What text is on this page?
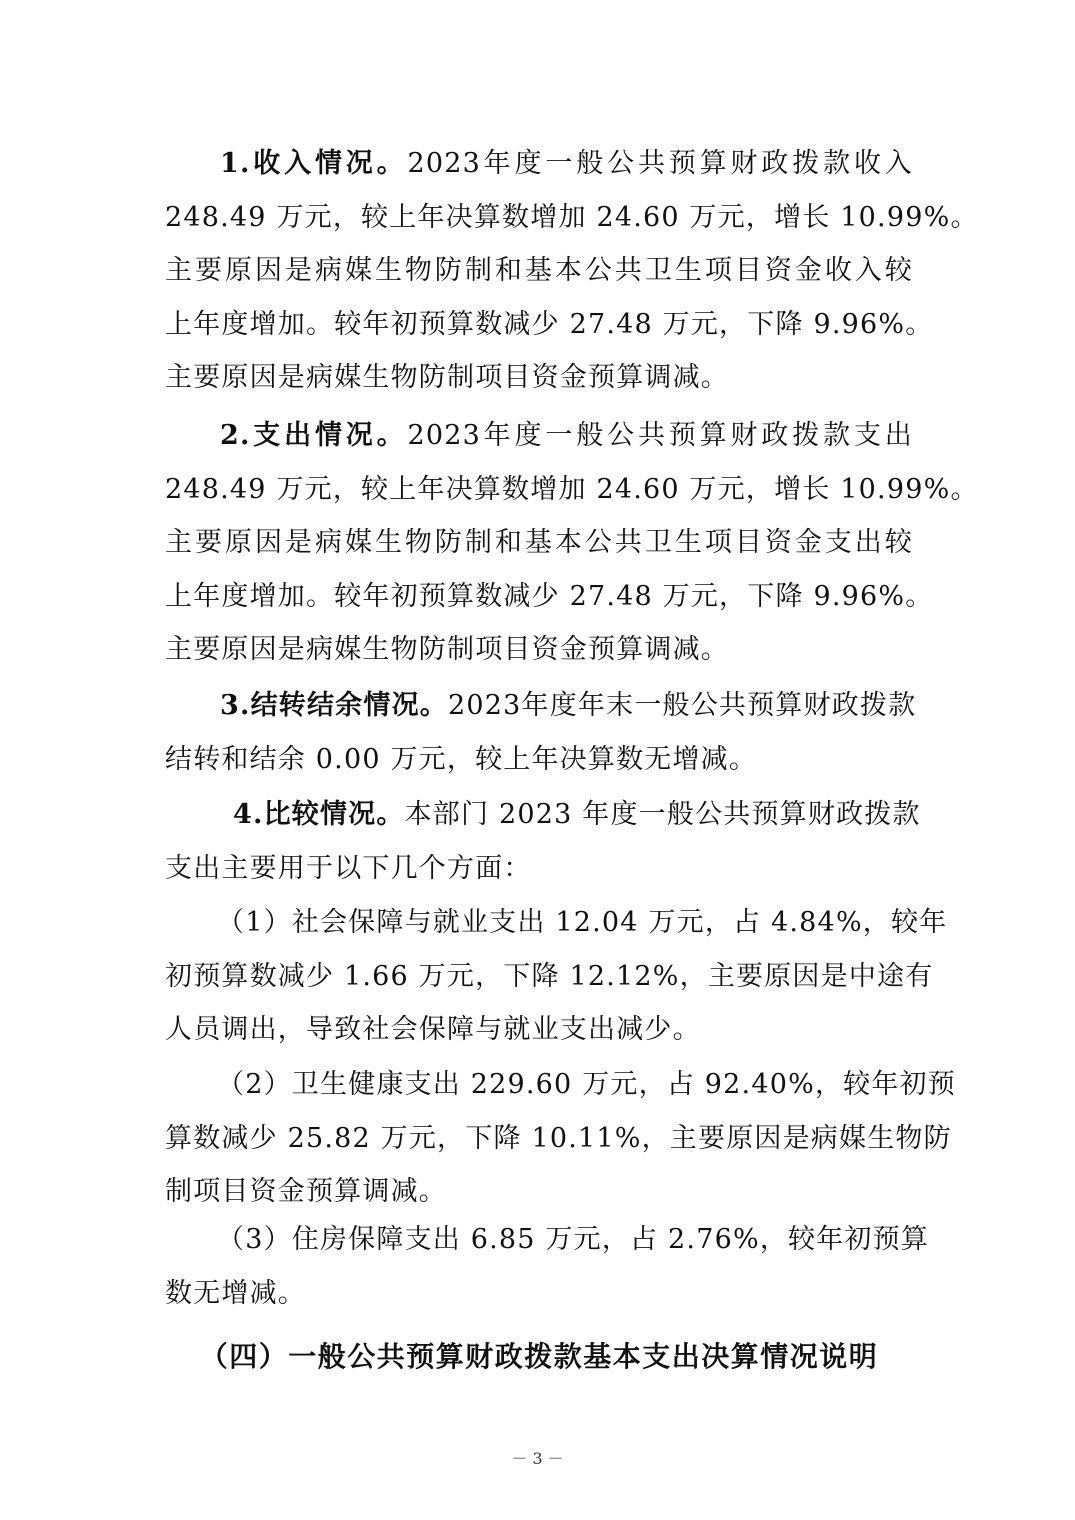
1.收入情况。2023年度一般公共预算财政拨款收入
248.49 万元，较上年决算数增加 24.60 万元，增长 10.99%。
主要原因是病媒生物防制和基本公共卫生项目资金收入较
上年度增加。较年初预算数减少 27.48 万元，下降 9.96%。
主要原因是病媒生物防制项目资金预算调减。
2.支出情况。2023年度一般公共预算财政拨款支出
248.49 万元，较上年决算数增加 24.60 万元，增长 10.99%。
主要原因是病媒生物防制和基本公共卫生项目资金支出较
上年度增加。较年初预算数减少 27.48 万元，下降 9.96%。
主要原因是病媒生物防制项目资金预算调减。
3.结转结余情况。2023年度年末一般公共预算财政拨款
结转和结余 0.00 万元，较上年决算数无增减。
4.比较情况。本部门 2023 年度一般公共预算财政拨款
支出主要用于以下几个方面：
（1）社会保障与就业支出 12.04 万元，占 4.84%，较年
初预算数减少 1.66 万元，下降 12.12%，主要原因是中途有
人员调出，导致社会保障与就业支出减少。
（2）卫生健康支出 229.60 万元，占 92.40%，较年初预
算数减少 25.82 万元，下降 10.11%，主要原因是病媒生物防
制项目资金预算调减。
（3）住房保障支出 6.85 万元，占 2.76%，较年初预算
数无增减。
（四）一般公共预算财政拨款基本支出决算情况说明
－ 3 －
